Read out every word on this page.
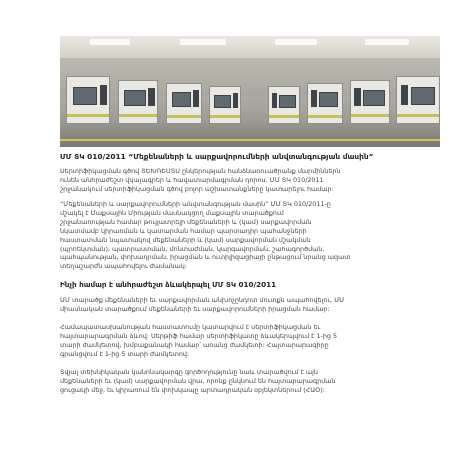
ՄՄ ՏԿ 010/2011 “Մեքենաների և սարքավորումների անվտանգության մասին”

Սերտիֆիկացման գծով ՏԵԽՌԵՍՏՍ ընկերության հանձնառուածրանք մարմիններն
ունեն անհրաժեշտ վկայագրեր և հավատարմագրման դորոս. ՄՄ ՏԿ 010/2011
շրջանակում սերտիֆիկացման գծով բոլոր աշխատանքները կատարելու համար:

“Մեքենաների և սարքավորումների անվտանգության մասին” ՄՄ ՏԿ 010/2011-ը
մշակել է Մաքսային Միության մասնակցող մաքսային տարածքում
շրջանառության համար թույլատրելի մեքենաների և (կամ) սարքավորման
նկատմամբ կիրառման և կատարման համար պարտադիր պահանջների
հաստատման նպատակով մեքենաների և (կամ) սարքավորման մշակման
(պրոեկտման), պատրաստման, մոնտաժման, կարգավորման, շահագործման,
պահպանության, փոխադրման, իրացման և ուտիլիզացիայի ընթացում նրանց ազատ
տեղաշարժն ապահովելու ժամանակ:

Ինչի համար է անհրաժեշտ ձևակերպել ՄՄ ՏԿ 010/2011

ՄՄ տարածք մեքենաների եւ սարքավորման անխոչընդոտ մուտքն ապահովելու, ՄՄ
միասնական տարածքում մեքենաների եւ սարքավորումների իրացման համար:

Համապատասխանության հաստատումը կատարվում է սերտիֆիկացման եւ
հայտարարագրման ձևով: Սերթիֆ համար սերտիֆիկատը ձևակերպվում է 1-ից 5
տարի ժամկետով, խմբաքանակի համար՝ առանց ժամկետի: Հայտարարագիրը
գրանցվում է 1-ից 5 տարի ժամկետով:

Տվյալ տեխնիկական կանոնակարգը գործողությունը նաև տարածվում է այն
մեքենաների եւ (կամ) սարքավորման վրա, որոնք ընկնում են հայտարարագրման
ցուցակի մեջ, եւ կիրառում են փոխկապը արտադրական օբյեկտներում (ՀԱՕ):
